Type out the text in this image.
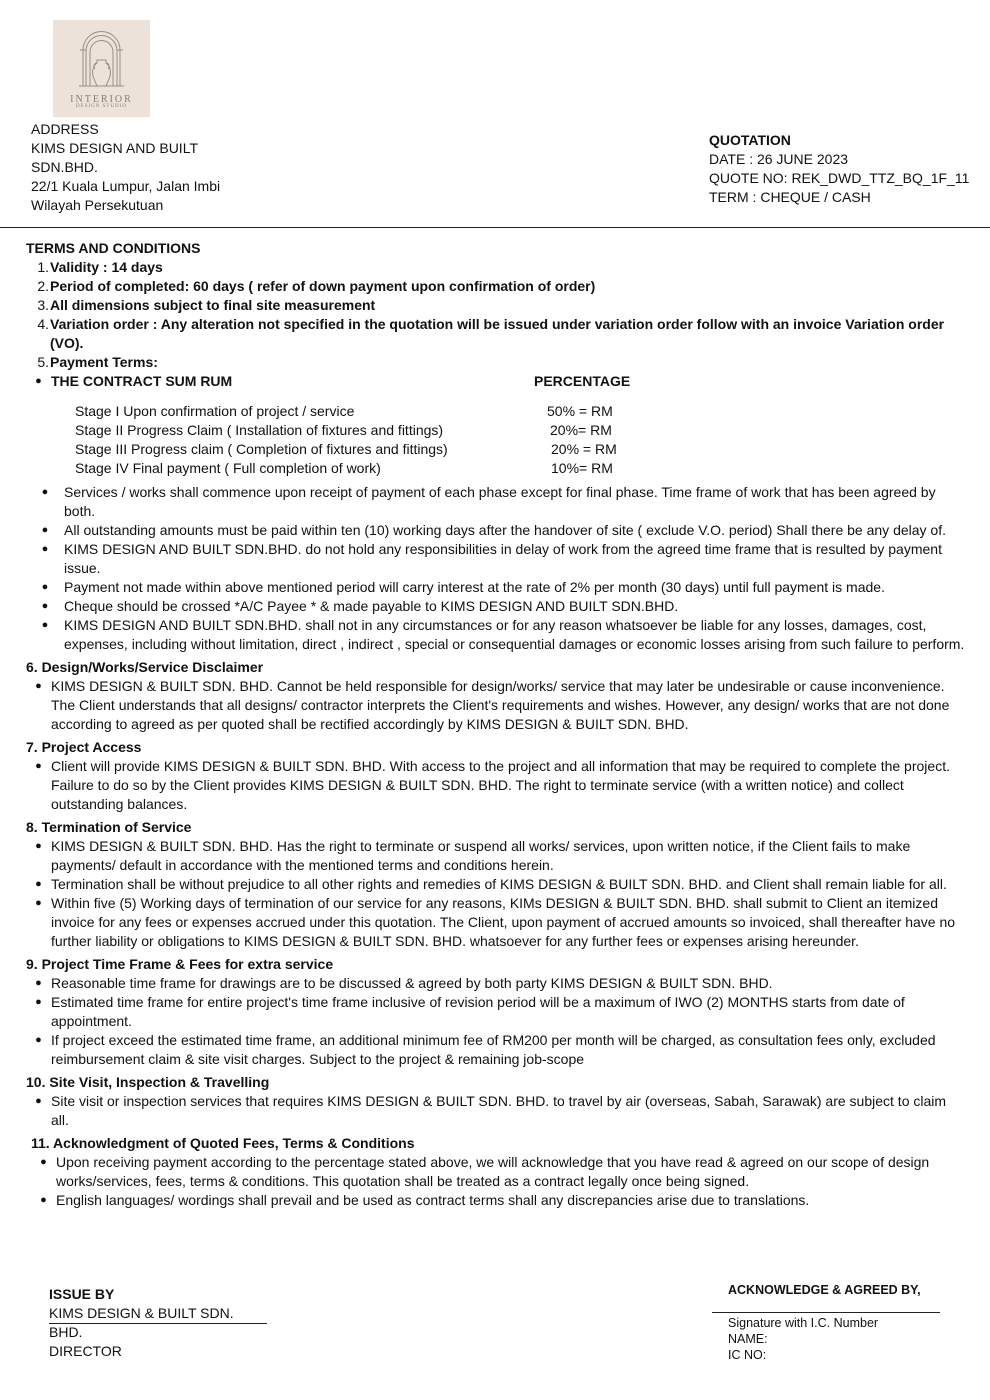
INTERIOR
DESIGN STUDIO
ADDRESS
KIMS DESIGN AND BUILT
SDN.BHD.
22/1 Kuala Lumpur, Jalan Imbi
Wilayah Persekutuan
QUOTATION
DATE : 26 JUNE 2023
QUOTE NO: REK_DWD_TTZ_BQ_1F_11
TERM : CHEQUE / CASH
TERMS AND CONDITIONS
1. Validity : 14 days
2. Period of completed: 60 days ( refer of down payment upon confirmation of order)
3. All dimensions subject to final site measurement
4. Variation order : Any alteration not specified in the quotation will be issued under variation order follow with an invoice Variation order (VO).
5. Payment Terms:
● THE CONTRACT SUM RUM	PERCENTAGE
Stage I Upon confirmation of project / service	50% = RM
Stage II Progress Claim ( Installation of fixtures and fittings)	20%= RM
Stage III Progress claim ( Completion of fixtures and fittings)	20% = RM
Stage IV Final payment ( Full completion of work)	10%= RM
●	Services / works shall commence upon receipt of payment of each phase except for final phase. Time frame of work that has been agreed by both.
●	All outstanding amounts must be paid within ten (10) working days after the handover of site ( exclude V.O. period) Shall there be any delay of.
●	KIMS DESIGN AND BUILT SDN.BHD. do not hold any responsibilities in delay of work from the agreed time frame that is resulted by payment issue.
●	Payment not made within above mentioned period will carry interest at the rate of 2% per month (30 days) until full payment is made.
●	Cheque should be crossed *A/C Payee * & made payable to KIMS DESIGN AND BUILT SDN.BHD.
●	KIMS DESIGN AND BUILT SDN.BHD. shall not in any circumstances or for any reason whatsoever be liable for any losses, damages, cost, expenses, including without limitation, direct , indirect , special or consequential damages or economic losses arising from such failure to perform.
6. Design/Works/Service Disclaimer
● KIMS DESIGN & BUILT SDN. BHD. Cannot be held responsible for design/works/ service that may later be undesirable or cause inconvenience. The Client understands that all designs/ contractor interprets the Client's requirements and wishes. However, any design/ works that are not done according to agreed as per quoted shall be rectified accordingly by KIMS DESIGN & BUILT SDN. BHD.
7. Project Access
● Client will provide KIMS DESIGN & BUILT SDN. BHD. With access to the project and all information that may be required to complete the project. Failure to do so by the Client provides KIMS DESIGN & BUILT SDN. BHD. The right to terminate service (with a written notice) and collect outstanding balances.
8. Termination of Service
● KIMS DESIGN & BUILT SDN. BHD. Has the right to terminate or suspend all works/ services, upon written notice, if the Client fails to make payments/ default in accordance with the mentioned terms and conditions herein.
● Termination shall be without prejudice to all other rights and remedies of KIMS DESIGN & BUILT SDN. BHD. and Client shall remain liable for all.
● Within five (5) Working days of termination of our service for any reasons, KIMs DESIGN & BUILT SDN. BHD. shall submit to Client an itemized invoice for any fees or expenses accrued under this quotation. The Client, upon payment of accrued amounts so invoiced, shall thereafter have no further liability or obligations to KIMS DESIGN & BUILT SDN. BHD. whatsoever for any further fees or expenses arising hereunder.
9. Project Time Frame & Fees for extra service
● Reasonable time frame for drawings are to be discussed & agreed by both party KIMS DESIGN & BUILT SDN. BHD.
● Estimated time frame for entire project's time frame inclusive of revision period will be a maximum of IWO (2) MONTHS starts from date of appointment.
● If project exceed the estimated time frame, an additional minimum fee of RM200 per month will be charged, as consultation fees only, excluded reimbursement claim & site visit charges. Subject to the project & remaining job-scope
10. Site Visit, Inspection & Travelling
● Site visit or inspection services that requires KIMS DESIGN & BUILT SDN. BHD. to travel by air (overseas, Sabah, Sarawak) are subject to claim all.
11. Acknowledgment of Quoted Fees, Terms & Conditions
● Upon receiving payment according to the percentage stated above, we will acknowledge that you have read & agreed on our scope of design works/services, fees, terms & conditions. This quotation shall be treated as a contract legally once being signed.
● English languages/ wordings shall prevail and be used as contract terms shall any discrepancies arise due to translations.
ISSUE BY
KIMS DESIGN & BUILT SDN.
BHD.
DIRECTOR
ACKNOWLEDGE & AGREED BY,
Signature with I.C. Number
NAME:
IC NO:
